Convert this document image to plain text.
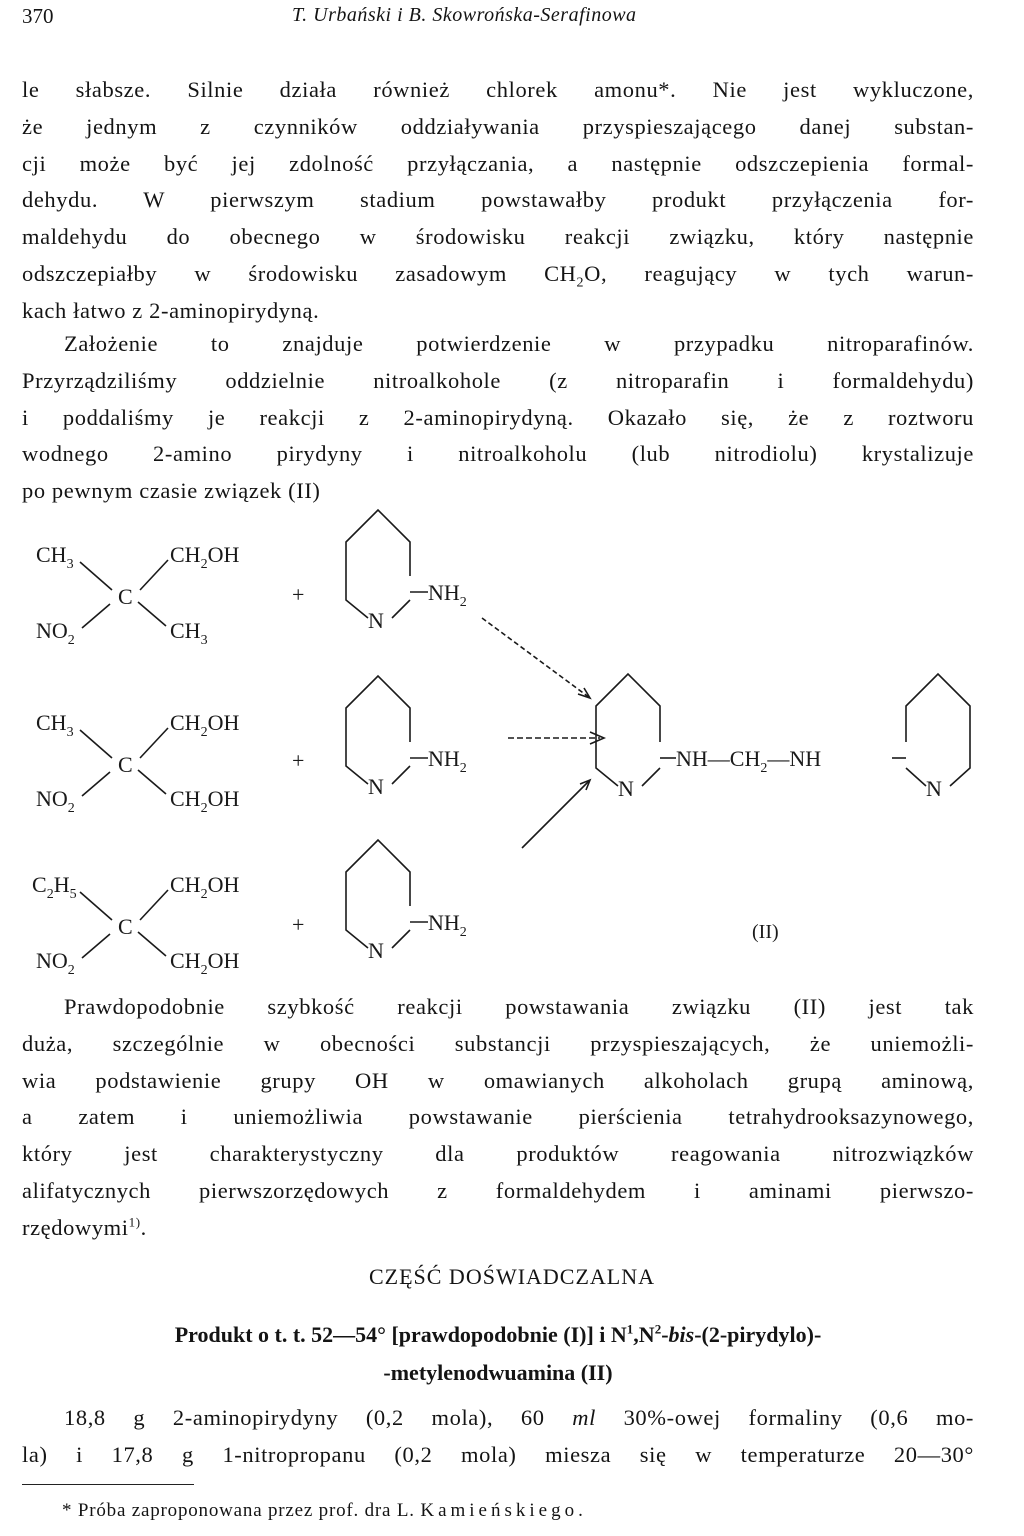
370	T. Urbański i B. Skowrońska-Serafinowa
le słabsze. Silnie działa również chlorek amonu*. Nie jest wykluczone,
że jednym z czynników oddziaływania przyspieszającego danej substan-
cji może być jej zdolność przyłączania, a następnie odszczepienia formal-
dehydu. W pierwszym stadium powstawałby produkt przyłączenia for-
maldehydu do obecnego w środowisku reakcji związku, który następnie
odszczepiałby w środowisku zasadowym $CH_2O$, reagujący w tych warun-
kach łatwo z 2-aminopirydyną.
Założenie to znajduje potwierdzenie w przypadku nitroparafinów.
Przyrządziliśmy oddzielnie nitroalkohole (z nitroparafin i formaldehydu)
i poddaliśmy je reakcji z 2-aminopirydyną. Okazało się, że z roztworu
wodnego 2-amino pirydyny i nitroalkoholu (lub nitrodiolu) krystalizuje
po pewnym czasie związek (II)
$CH_3$	$CH_2OH$
C
$NO_2$	$CH_3$
$CH_3$	$CH_2OH$
C
$NO_2$	$CH_2OH$
$C_2H_5$	$CH_2OH$
C
$NO_2$	$CH_2OH$
+
+
+
N
$NH_2$
N
$NH_2$
N
$NH_2$
N	N
$NH—CH_2—NH$
(II)
Prawdopodobnie szybkość reakcji powstawania związku (II) jest tak
duża, szczególnie w obecności substancji przyspieszających, że uniemożli-
wia podstawienie grupy OH w omawianych alkoholach grupą aminową,
a zatem i uniemożliwia powstawanie pierścienia tetrahydrooksazynowego,
który jest charakterystyczny dla produktów reagowania nitrozwiązków
alifatycznych pierwszorzędowych z formaldehydem i aminami pierwszo-
rzędowymi$^{1)}$.
CZĘŚĆ DOŚWIADCZALNA
Produkt o t. t. 52—54° [prawdopodobnie (I)] i $N^1,N^2-bis-(2-pirydylo)-$
-metylenodwuamina (II)
18,8 g 2-aminopirydyny (0,2 mola), 60 ml 30%-owej formaliny (0,6 mo-
la) i 17,8 g 1-nitropropanu (0,2 mola) miesza się w temperaturze 20—30°
* Próba zaproponowana przez prof. dra L. Kamieńskiego.
